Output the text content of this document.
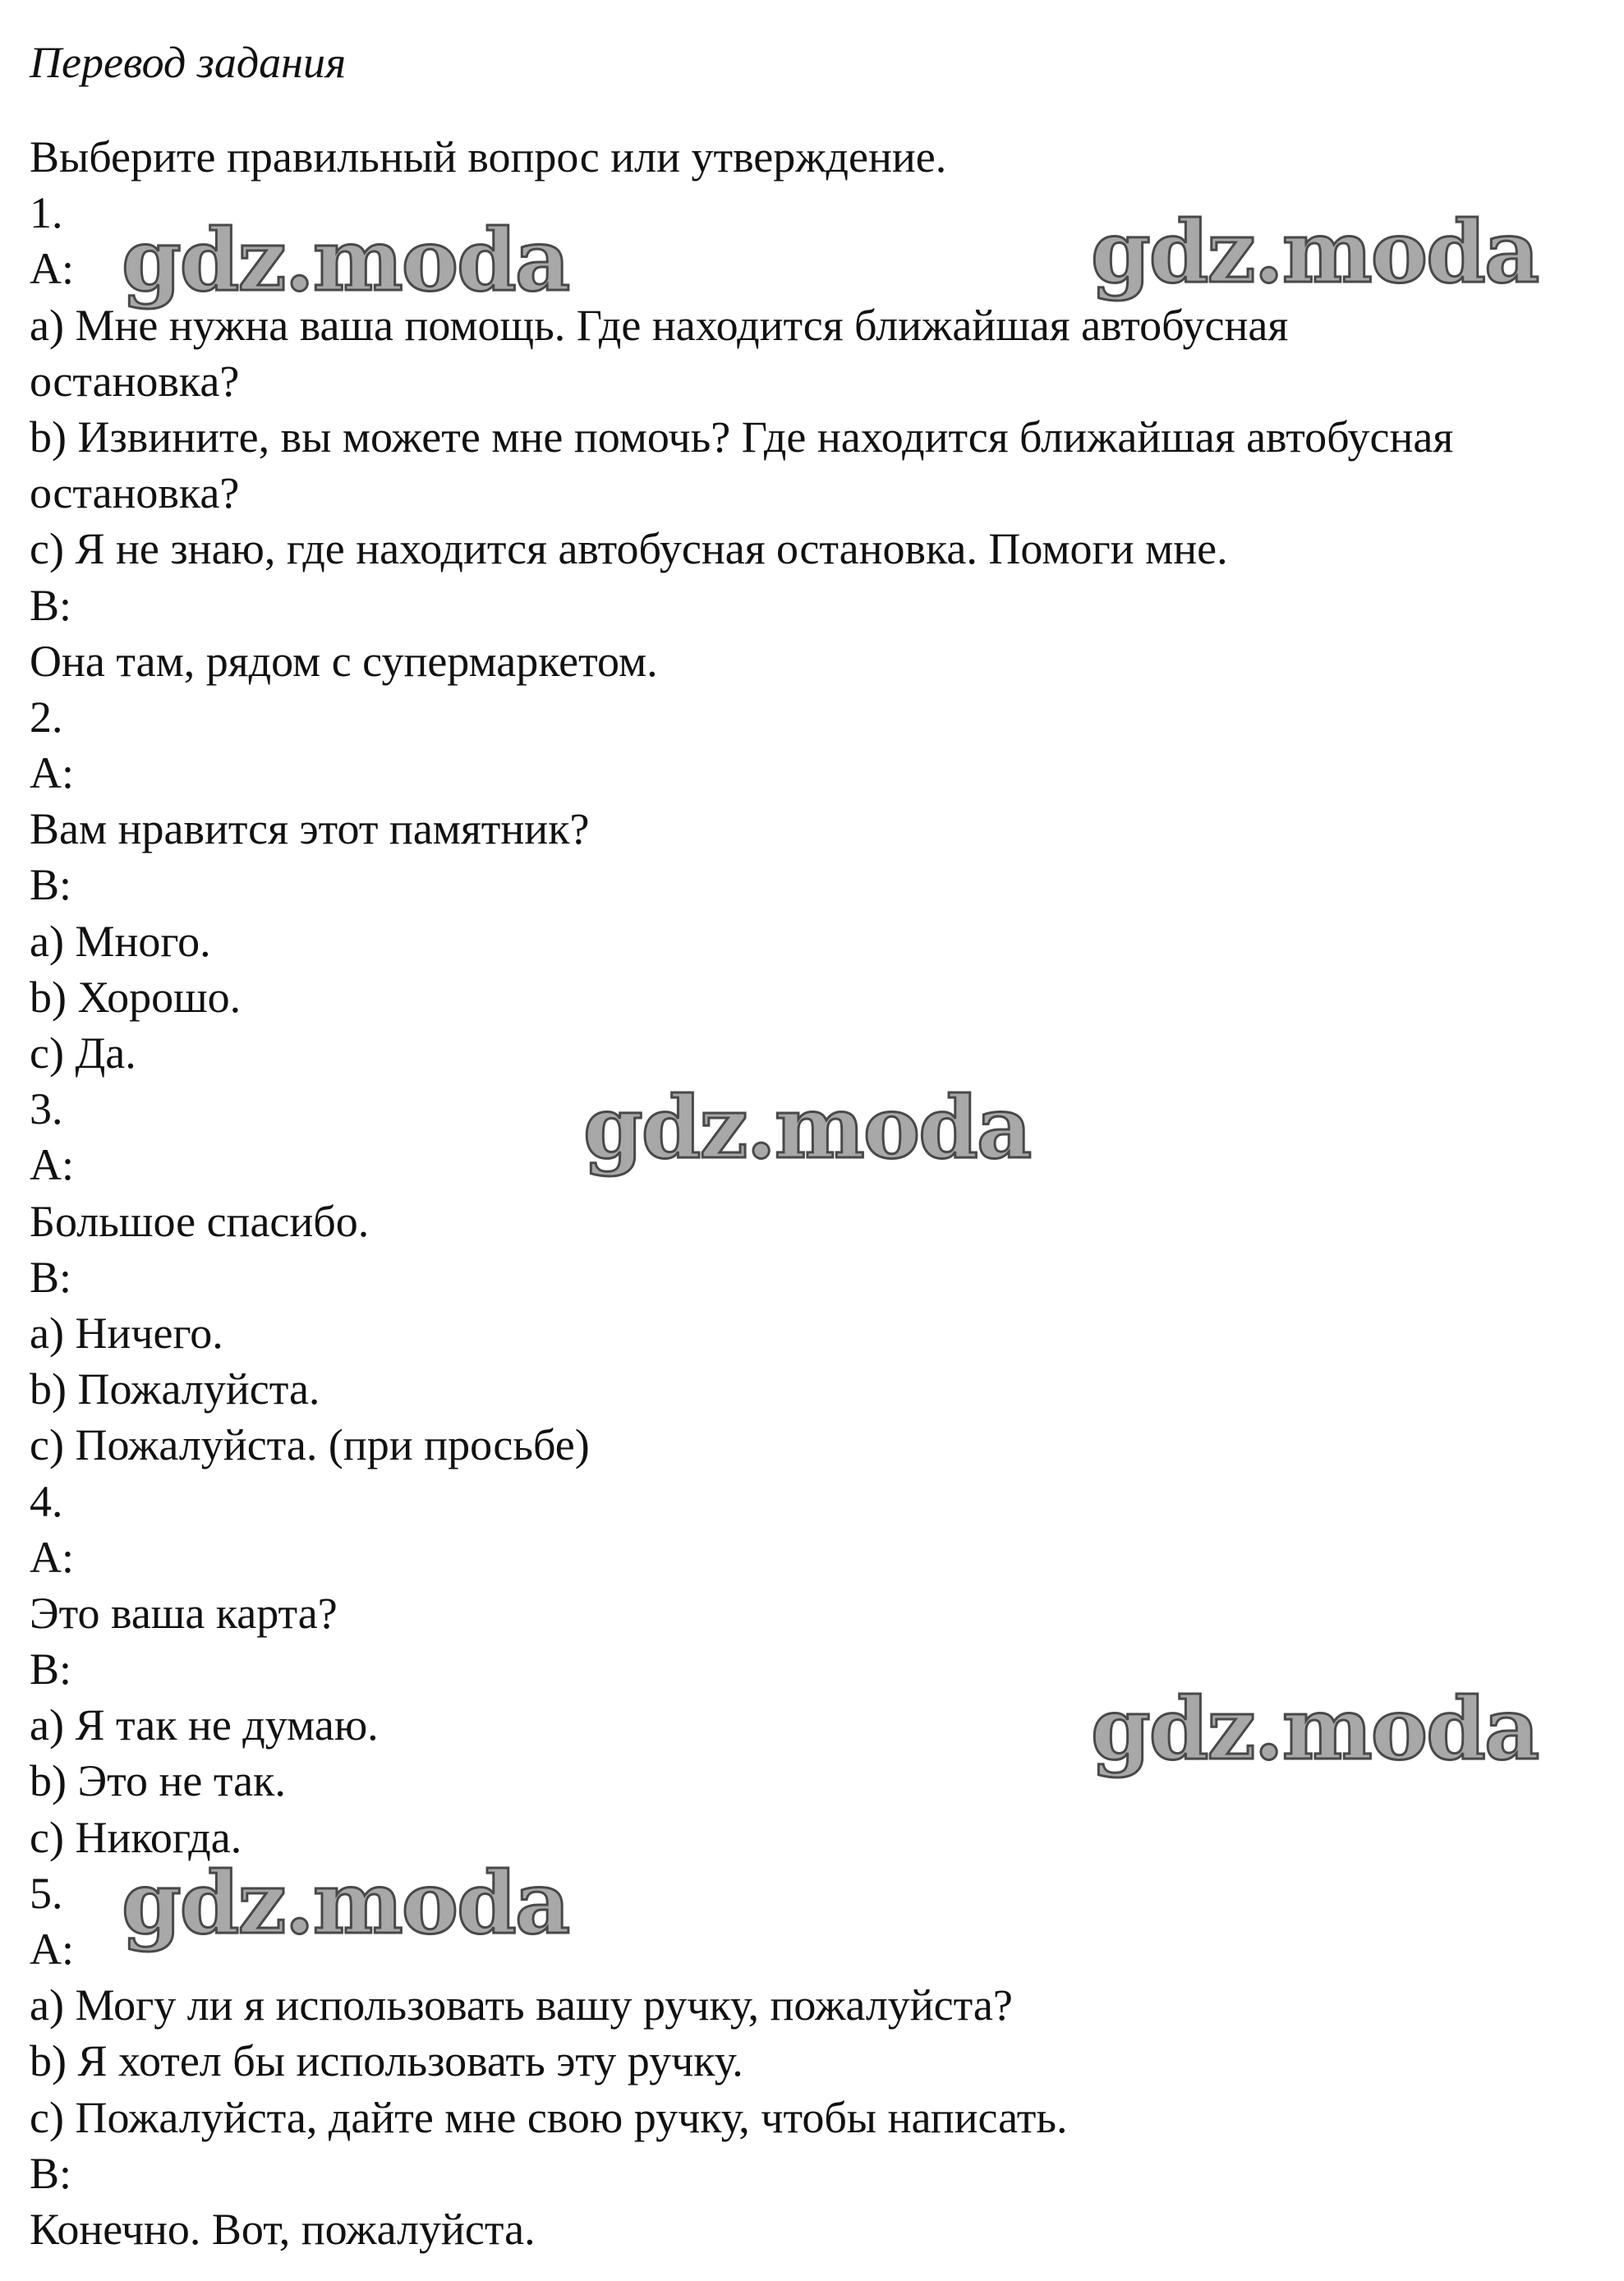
Перевод задания
Выберите правильный вопрос или утверждение.
1.
А:
a) Мне нужна ваша помощь. Где находится ближайшая автобусная
остановка?
b) Извините, вы можете мне помочь? Где находится ближайшая автобусная
остановка?
c) Я не знаю, где находится автобусная остановка. Помоги мне.
В:
Она там, рядом с супермаркетом.
2.
А:
Вам нравится этот памятник?
В:
a) Много.
b) Хорошо.
c) Да.
3.
А:
Большое спасибо.
В:
a) Ничего.
b) Пожалуйста.
c) Пожалуйста. (при просьбе)
4.
А:
Это ваша карта?
В:
a) Я так не думаю.
b) Это не так.
c) Никогда.
5.
А:
a) Могу ли я использовать вашу ручку, пожалуйста?
b) Я хотел бы использовать эту ручку.
c) Пожалуйста, дайте мне свою ручку, чтобы написать.
В:
Конечно. Вот, пожалуйста.
gdz.moda	gdz.moda
gdz.moda
gdz.moda
gdz.moda
